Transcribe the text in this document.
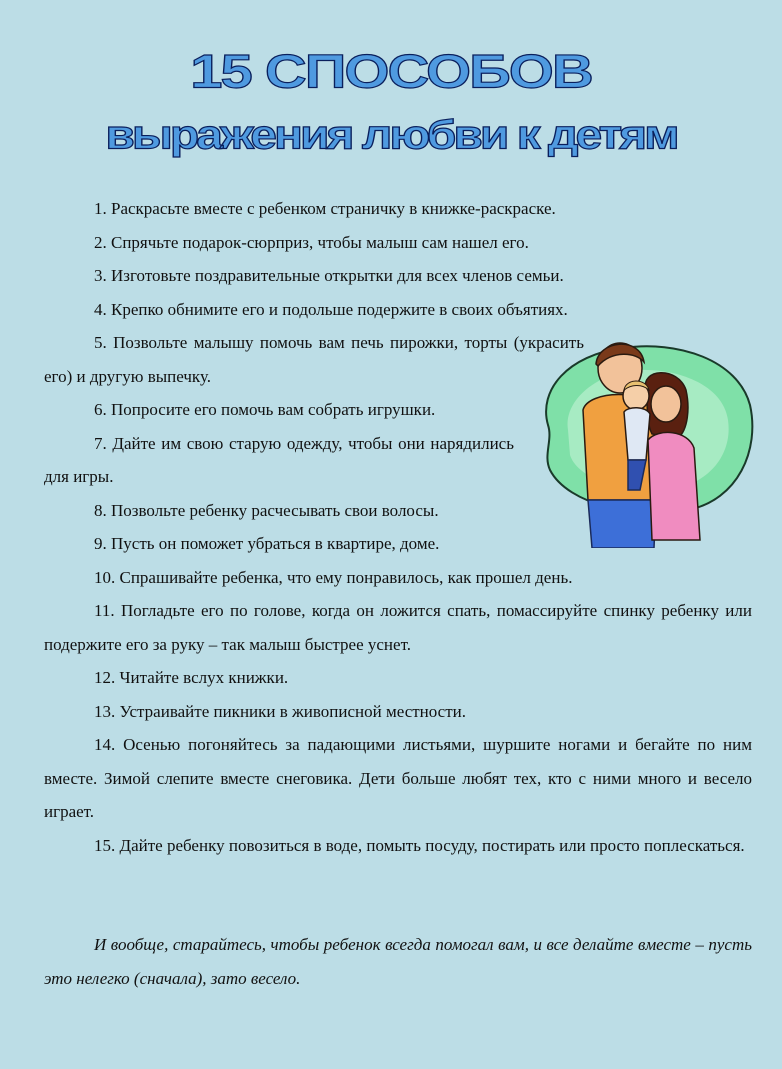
15 СПОСОБОВ
выражения любви к детям

1. Раскрасьте вместе с ребенком страничку в книжке-раскраске.

2. Спрячьте подарок-сюрприз, чтобы малыш сам нашел его.

3. Изготовьте поздравительные открытки для всех членов семьи.

4. Крепко обнимите его и подольше подержите в своих объятиях.

5. Позвольте малышу помочь вам печь пирожки, торты (украсить его) и другую выпечку.

6. Попросите его помочь вам собрать игрушки.

7. Дайте им свою старую одежду, чтобы они нарядились для игры.

8. Позвольте ребенку расчесывать свои волосы.

9. Пусть он поможет убраться в квартире, доме.

10. Спрашивайте ребенка, что ему понравилось, как прошел день.

11. Погладьте его по голове, когда он ложится спать, помассируйте спинку ребенку или подержите его за руку – так малыш быстрее уснет.

12. Читайте вслух книжки.

13. Устраивайте пикники в живописной местности.

14. Осенью погоняйтесь за падающими листьями, шуршите ногами и бегайте по ним вместе. Зимой слепите вместе снеговика. Дети больше любят тех, кто с ними много и весело играет.

15. Дайте ребенку повозиться в воде, помыть посуду, постирать или просто поплескаться.

И вообще, старайтесь, чтобы ребенок всегда помогал вам, и все делайте вместе – пусть это нелегко (сначала), зато весело.
